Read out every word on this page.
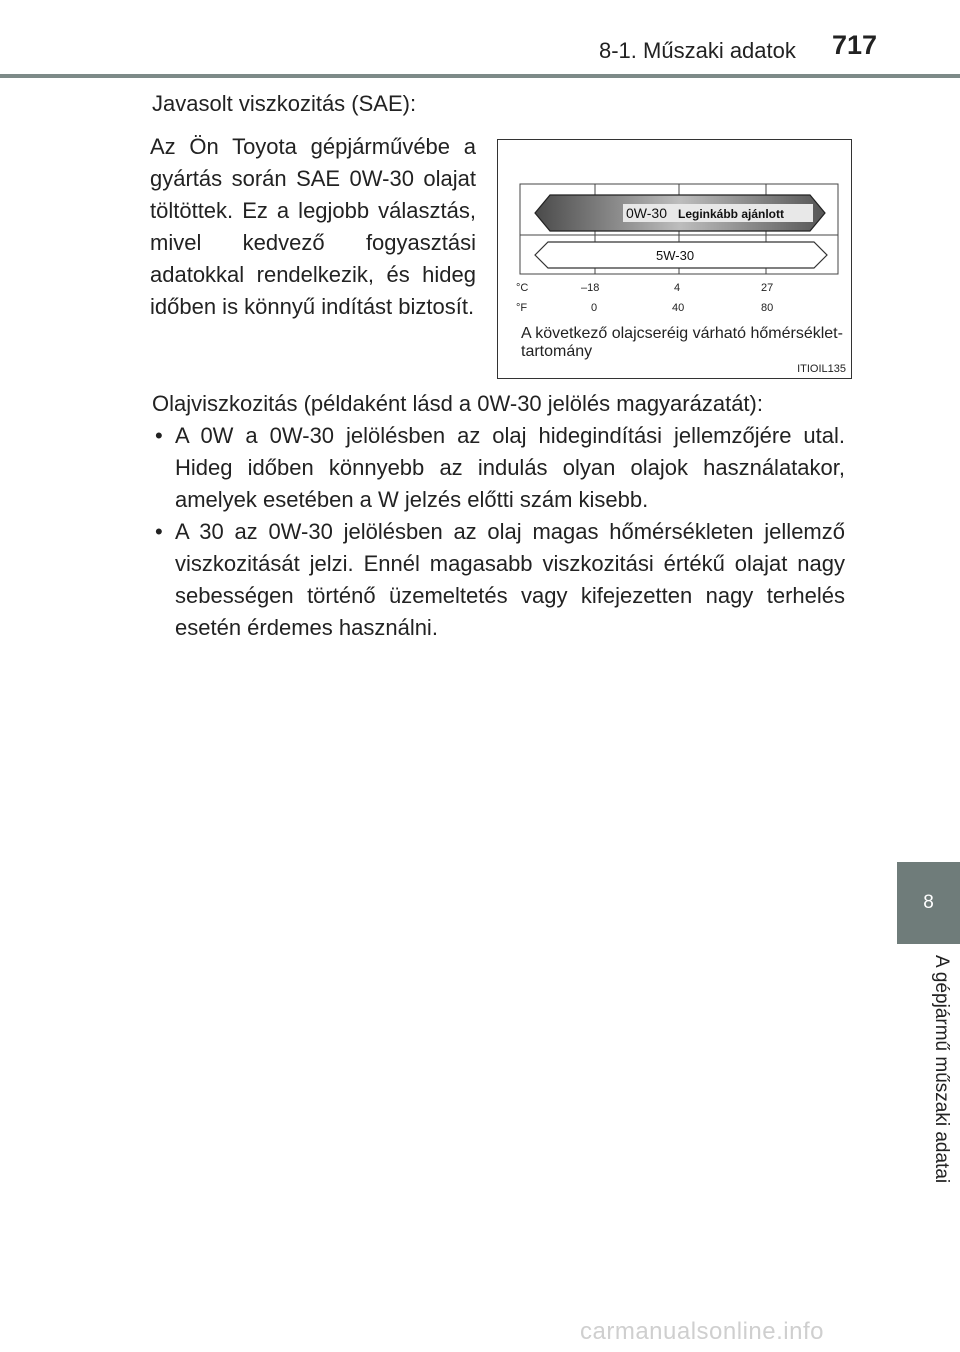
8-1. Műszaki adatok 717
8
A gépjármű műszaki adatai
Javasolt viszkozitás (SAE):
Az Ön Toyota gépjárművébe a gyártás során SAE 0W-30 olajat töltöttek. Ez a legjobb választás, mivel kedvező fogyasztási adatokkal rendelkezik, és hideg időben is könnyű indítást biztosít.
0W-30 Leginkább ajánlott
5W-30
°C
°F
–18	4	27
0	40	80
A következő olajcseréig várható hőmérséklet-tartomány
ITIOIL135
Olajviszkozitás (példaként lásd a 0W-30 jelölés magyarázatát):
• A 0W a 0W-30 jelölésben az olaj hidegindítási jellemzőjére utal. Hideg időben könnyebb az indulás olyan olajok használatakor, amelyek esetében a W jelzés előtti szám kisebb.
• A 30 az 0W-30 jelölésben az olaj magas hőmérsékleten jellemző viszkozitását jelzi. Ennél magasabb viszkozitási értékű olajat nagy sebességen történő üzemeltetés vagy kifejezetten nagy terhelés esetén érdemes használni.
carmanualsonline.info
